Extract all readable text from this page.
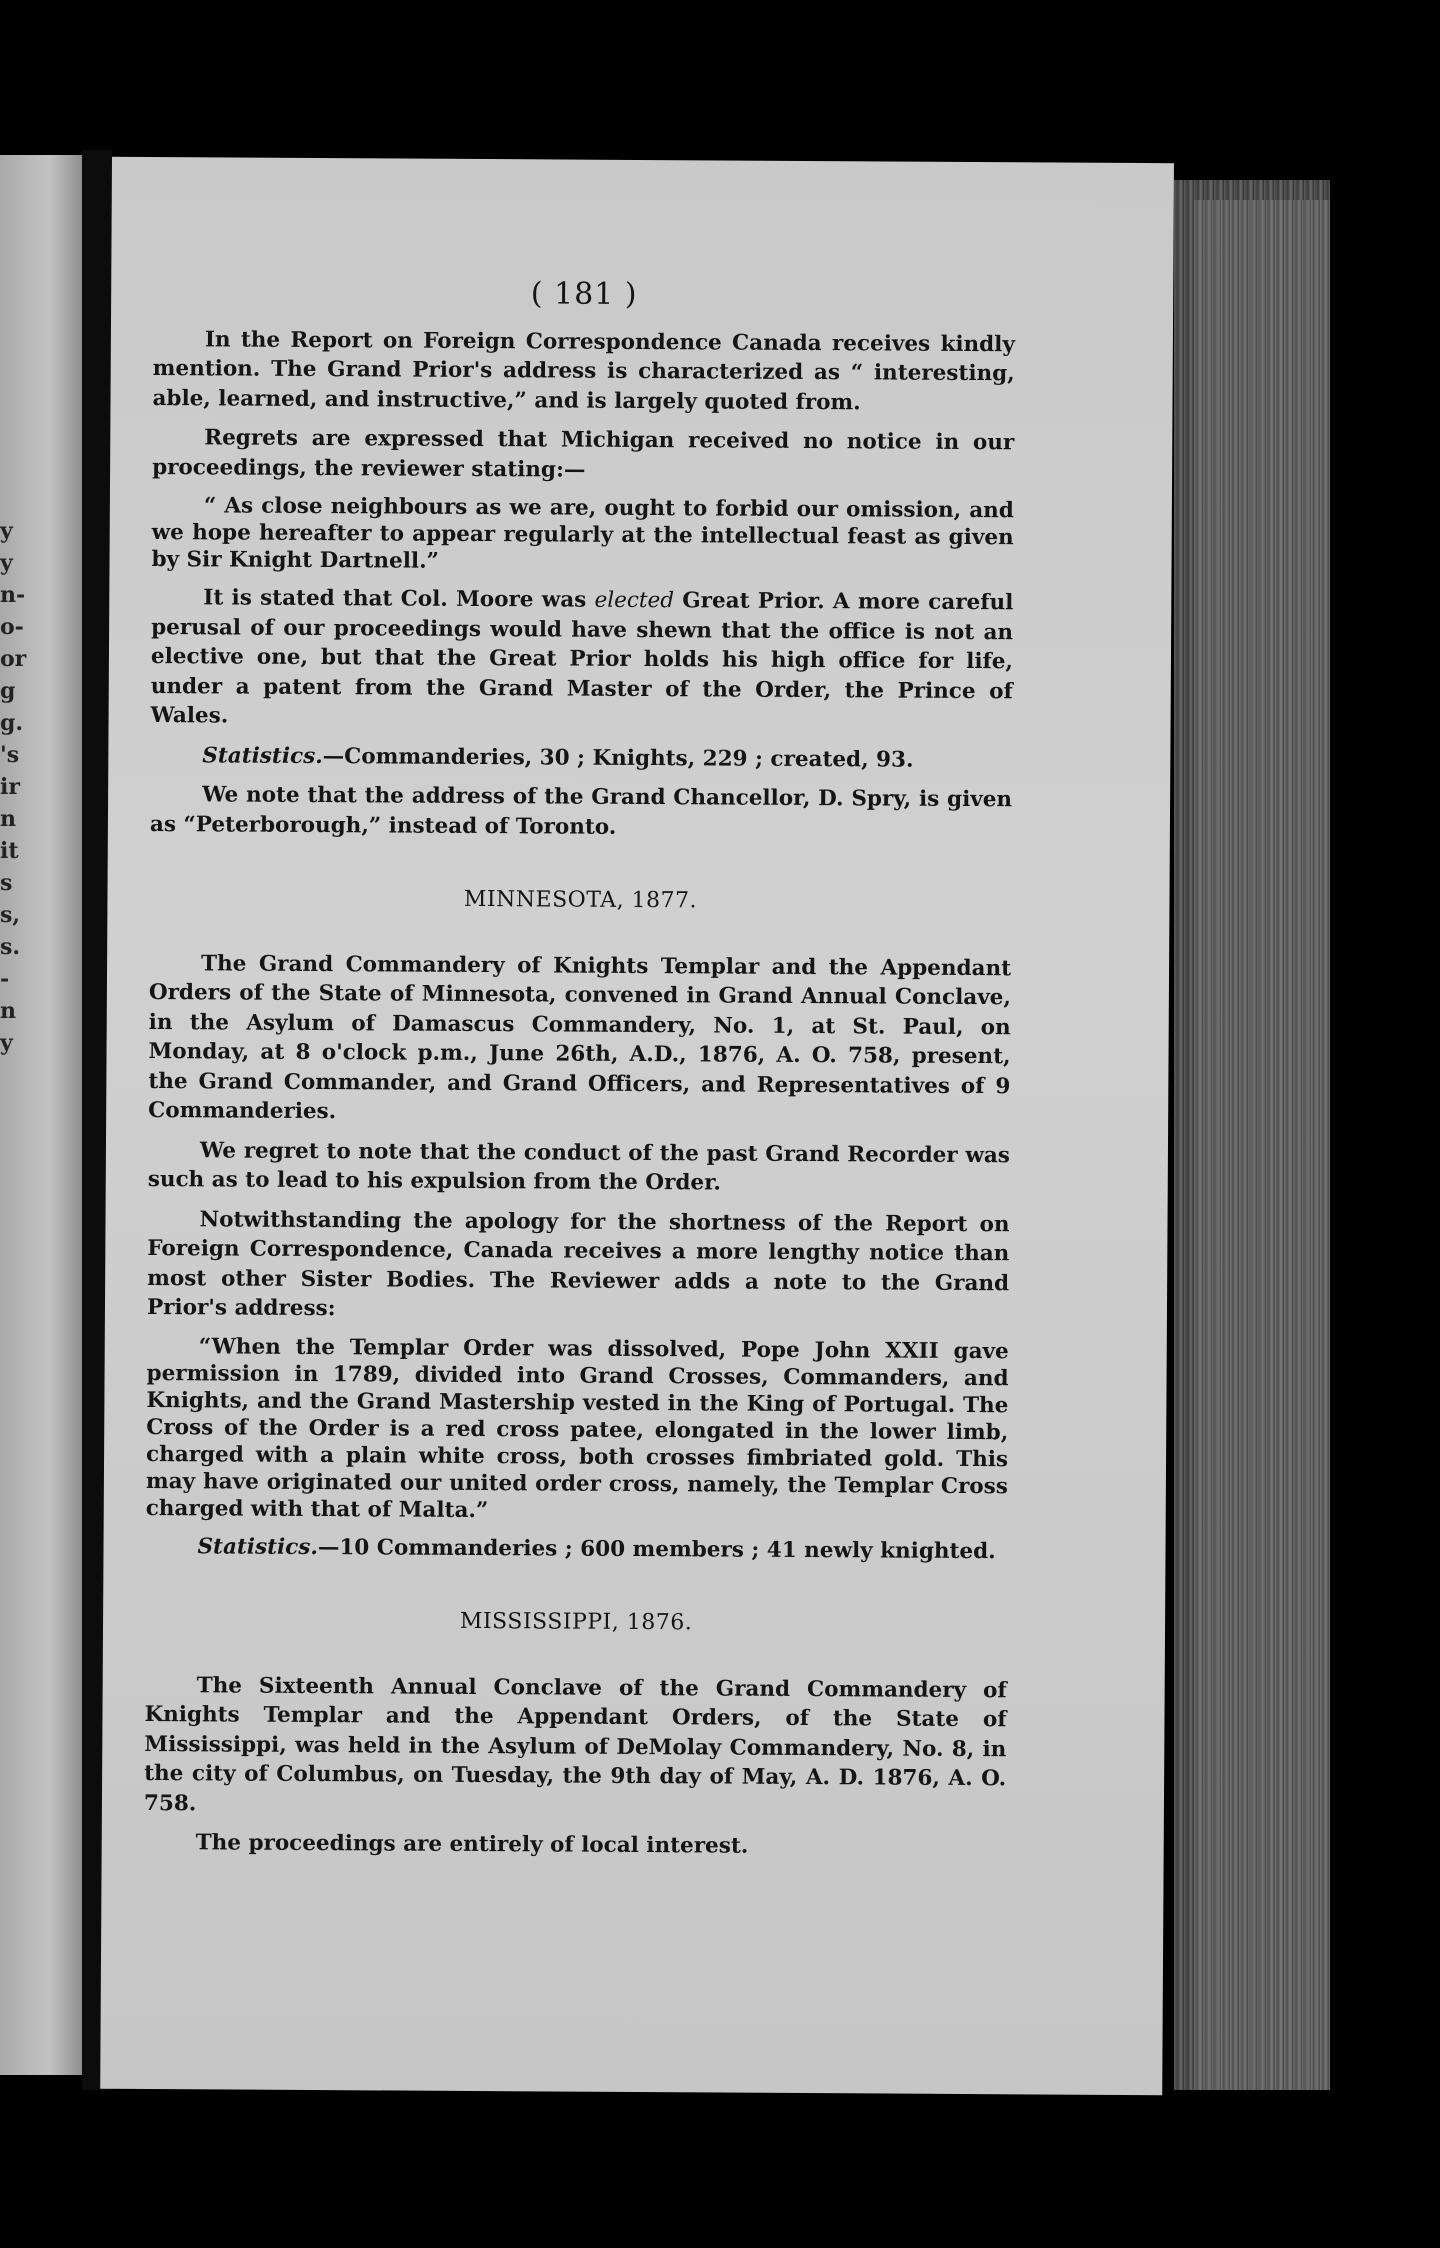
y
y
n-
o-
or
g
g.
's
ir
n
it
s
s,
s.
-
n
y
( 181 )

In the Report on Foreign Correspondence Canada receives kindly mention. The Grand Prior's address is characterized as “ interesting, able, learned, and instructive,” and is largely quoted from.

Regrets are expressed that Michigan received no notice in our proceedings, the reviewer stating:—

“ As close neighbours as we are, ought to forbid our omission, and we hope hereafter to appear regularly at the intellectual feast as given by Sir Knight Dartnell.”

It is stated that Col. Moore was elected Great Prior. A more careful perusal of our proceedings would have shewn that the office is not an elective one, but that the Great Prior holds his high office for life, under a patent from the Grand Master of the Order, the Prince of Wales.

Statistics.—Commanderies, 30 ; Knights, 229 ; created, 93.

We note that the address of the Grand Chancellor, D. Spry, is given as “Peterborough,” instead of Toronto.

MINNESOTA, 1877.

The Grand Commandery of Knights Templar and the Appendant Orders of the State of Minnesota, convened in Grand Annual Conclave, in the Asylum of Damascus Commandery, No. 1, at St. Paul, on Monday, at 8 o'clock p.m., June 26th, A.D., 1876, A. O. 758, present, the Grand Commander, and Grand Officers, and Representatives of 9 Commanderies.

We regret to note that the conduct of the past Grand Recorder was such as to lead to his expulsion from the Order.

Notwithstanding the apology for the shortness of the Report on Foreign Correspondence, Canada receives a more lengthy notice than most other Sister Bodies. The Reviewer adds a note to the Grand Prior's address:

“When the Templar Order was dissolved, Pope John XXII gave permission in 1789, divided into Grand Crosses, Commanders, and Knights, and the Grand Mastership vested in the King of Portugal. The Cross of the Order is a red cross patee, elongated in the lower limb, charged with a plain white cross, both crosses fimbriated gold. This may have originated our united order cross, namely, the Templar Cross charged with that of Malta.”

Statistics.—10 Commanderies ; 600 members ; 41 newly knighted.

MISSISSIPPI, 1876.

The Sixteenth Annual Conclave of the Grand Commandery of Knights Templar and the Appendant Orders, of the State of Mississippi, was held in the Asylum of DeMolay Commandery, No. 8, in the city of Columbus, on Tuesday, the 9th day of May, A. D. 1876, A. O. 758.

The proceedings are entirely of local interest.
